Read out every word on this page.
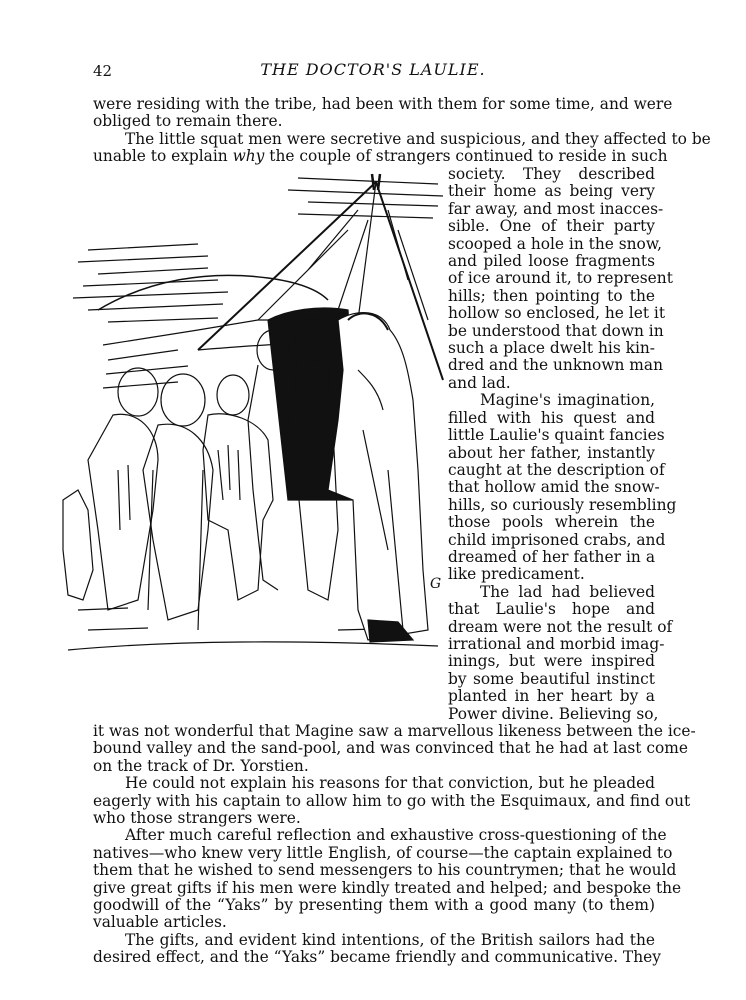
42	THE DOCTOR'S LAULIE.
were residing with the tribe, had been with them for some time, and were
obliged to remain there.
The little squat men were secretive and suspicious, and they affected to be
unable to explain why the couple of strangers continued to reside in such
G
society. They described
their home as being very
far away, and most inacces-
sible. One of their party
scooped a hole in the snow,
and piled loose fragments
of ice around it, to represent
hills; then pointing to the
hollow so enclosed, he let it
be understood that down in
such a place dwelt his kin-
dred and the unknown man
and lad.
Magine's imagination,
filled with his quest and
little Laulie's quaint fancies
about her father, instantly
caught at the description of
that hollow amid the snow-
hills, so curiously resembling
those pools wherein the
child imprisoned crabs, and
dreamed of her father in a
like predicament.
The lad had believed
that Laulie's hope and
dream were not the result of
irrational and morbid imag-
inings, but were inspired
by some beautiful instinct
planted in her heart by a
Power divine. Believing so,
it was not wonderful that Magine saw a marvellous likeness between the ice-
bound valley and the sand-pool, and was convinced that he had at last come
on the track of Dr. Yorstien.
He could not explain his reasons for that conviction, but he pleaded
eagerly with his captain to allow him to go with the Esquimaux, and find out
who those strangers were.
After much careful reflection and exhaustive cross-questioning of the
natives—who knew very little English, of course—the captain explained to
them that he wished to send messengers to his countrymen; that he would
give great gifts if his men were kindly treated and helped; and bespoke the
goodwill of the “Yaks” by presenting them with a good many (to them)
valuable articles.
The gifts, and evident kind intentions, of the British sailors had the
desired effect, and the “Yaks” became friendly and communicative. They
